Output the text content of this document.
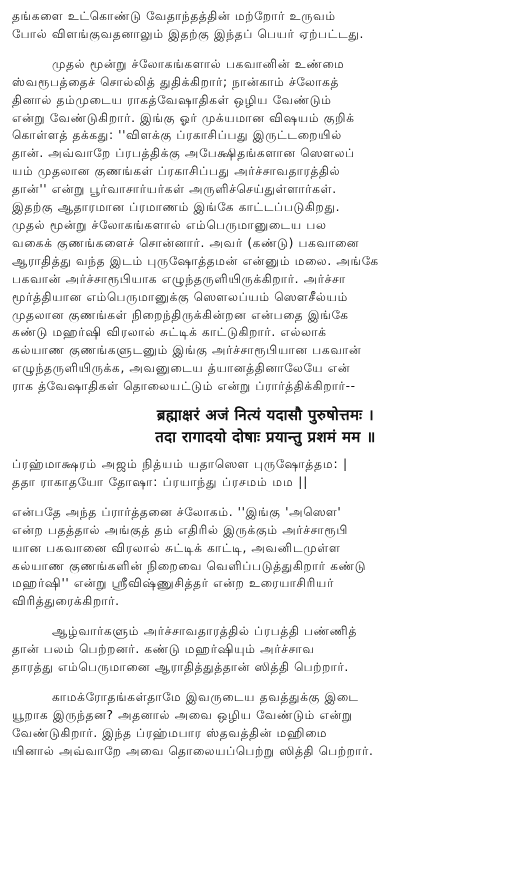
தங்களை உட்கொண்டு வேதாந்தத்தின் மற்றோர் உருவம்
போல் விளங்குவதனாலும் இதற்கு இந்தப் பெயர் ஏற்பட்டது.
முதல் மூன்று ச்லோகங்களால் பகவானின் உண்மை
ஸ்வரூபத்தைச் சொல்லித் துதிக்கிறார்; நான்காம் ச்லோகத்
தினால் தம்முடைய ராகத்வேஷாதிகள் ஒழிய வேண்டும்
என்று வேண்டுகிறார். இங்கு ஓர் முக்யமான விஷயம் குறிக்
கொள்ளத் தக்கது: ''விளக்கு ப்ரகாசிப்பது இருட்டறையில்
தான். அவ்வாறே ப்ரபத்திக்கு அபேக்ஷிதங்களான ஸௌலப்
யம் முதலான குணங்கள் ப்ரகாசிப்பது அர்ச்சாவதாரத்தில்
தான்'' என்று பூர்வாசார்யர்கள் அருளிச்செய்துள்ளார்கள்.
இதற்கு ஆதாரமான ப்ரமாணம் இங்கே காட்டப்படுகிறது.
முதல் மூன்று ச்லோகங்களால் எம்பெருமானுடைய பல
வகைக் குணங்களைச் சொன்னார். அவர் (கண்டு) பகவானை
ஆராதித்து வந்த இடம் புருஷோத்தமன் என்னும் மலை. அங்கே
பகவான் அர்ச்சாரூபியாக எழுந்தருளியிருக்கிறார். அர்ச்சா
மூர்த்தியான எம்பெருமானுக்கு ஸௌலப்யம் ஸௌசீல்யம்
முதலான குணங்கள் நிறைந்திருக்கின்றன என்பதை இங்கே
கண்டு மஹர்ஷி விரலால் சுட்டிக் காட்டுகிறார். எல்லாக்
கல்யாண குணங்களுடனும் இங்கு அர்ச்சாரூபியான பகவான்
எழுந்தருளியிருக்க, அவனுடைய த்யானத்தினாலேயே என்
ராக த்வேஷாதிகள் தொலையட்டும் என்று ப்ரார்த்திக்கிறார்--
ब्रह्माक्षरं अजं नित्यं यदासौ पुरुषोत्तमः ।
तदा रागादयो दोषाः प्रयान्तु प्रशमं मम ॥
ப்ரஹ்மாக்ஷரம் அஜம் நித்யம் யதாஸௌ புருஷோத்தம: |
ததா ராகாதயோ தோஷா: ப்ரயாந்து ப்ரசமம் மம ||
என்பதே அந்த ப்ரார்த்தனை ச்லோகம். ''இங்கு 'அஸௌ'
என்ற பதத்தால் அங்குத் தம் எதிரில் இருக்கும் அர்ச்சாரூபி
யான பகவானை விரலால் சுட்டிக் காட்டி, அவனிடமுள்ள
கல்யாண குணங்களின் நிறைவை வெளிப்படுத்துகிறார் கண்டு
மஹர்ஷி'' என்று ஸ்ரீவிஷ்ணுசித்தர் என்ற உரையாசிரியர்
விரித்துரைக்கிறார்.
ஆழ்வார்களும் அர்ச்சாவதாரத்தில் ப்ரபத்தி பண்ணித்
தான் பலம் பெற்றனர். கண்டு மஹர்ஷியும் அர்ச்சாவ
தாரத்து எம்பெருமானை ஆராதித்துத்தான் ஸித்தி பெற்றார்.
காமக்ரோதங்கள்தாமே இவருடைய தவத்துக்கு இடை
யூறாக இருந்தன? அதனால் அவை ஒழிய வேண்டும் என்று
வேண்டுகிறார். இந்த ப்ரஹ்மபார ஸ்தவத்தின் மஹிமை
யினால் அவ்வாறே அவை தொலையப்பெற்று ஸித்தி பெற்றார்.
